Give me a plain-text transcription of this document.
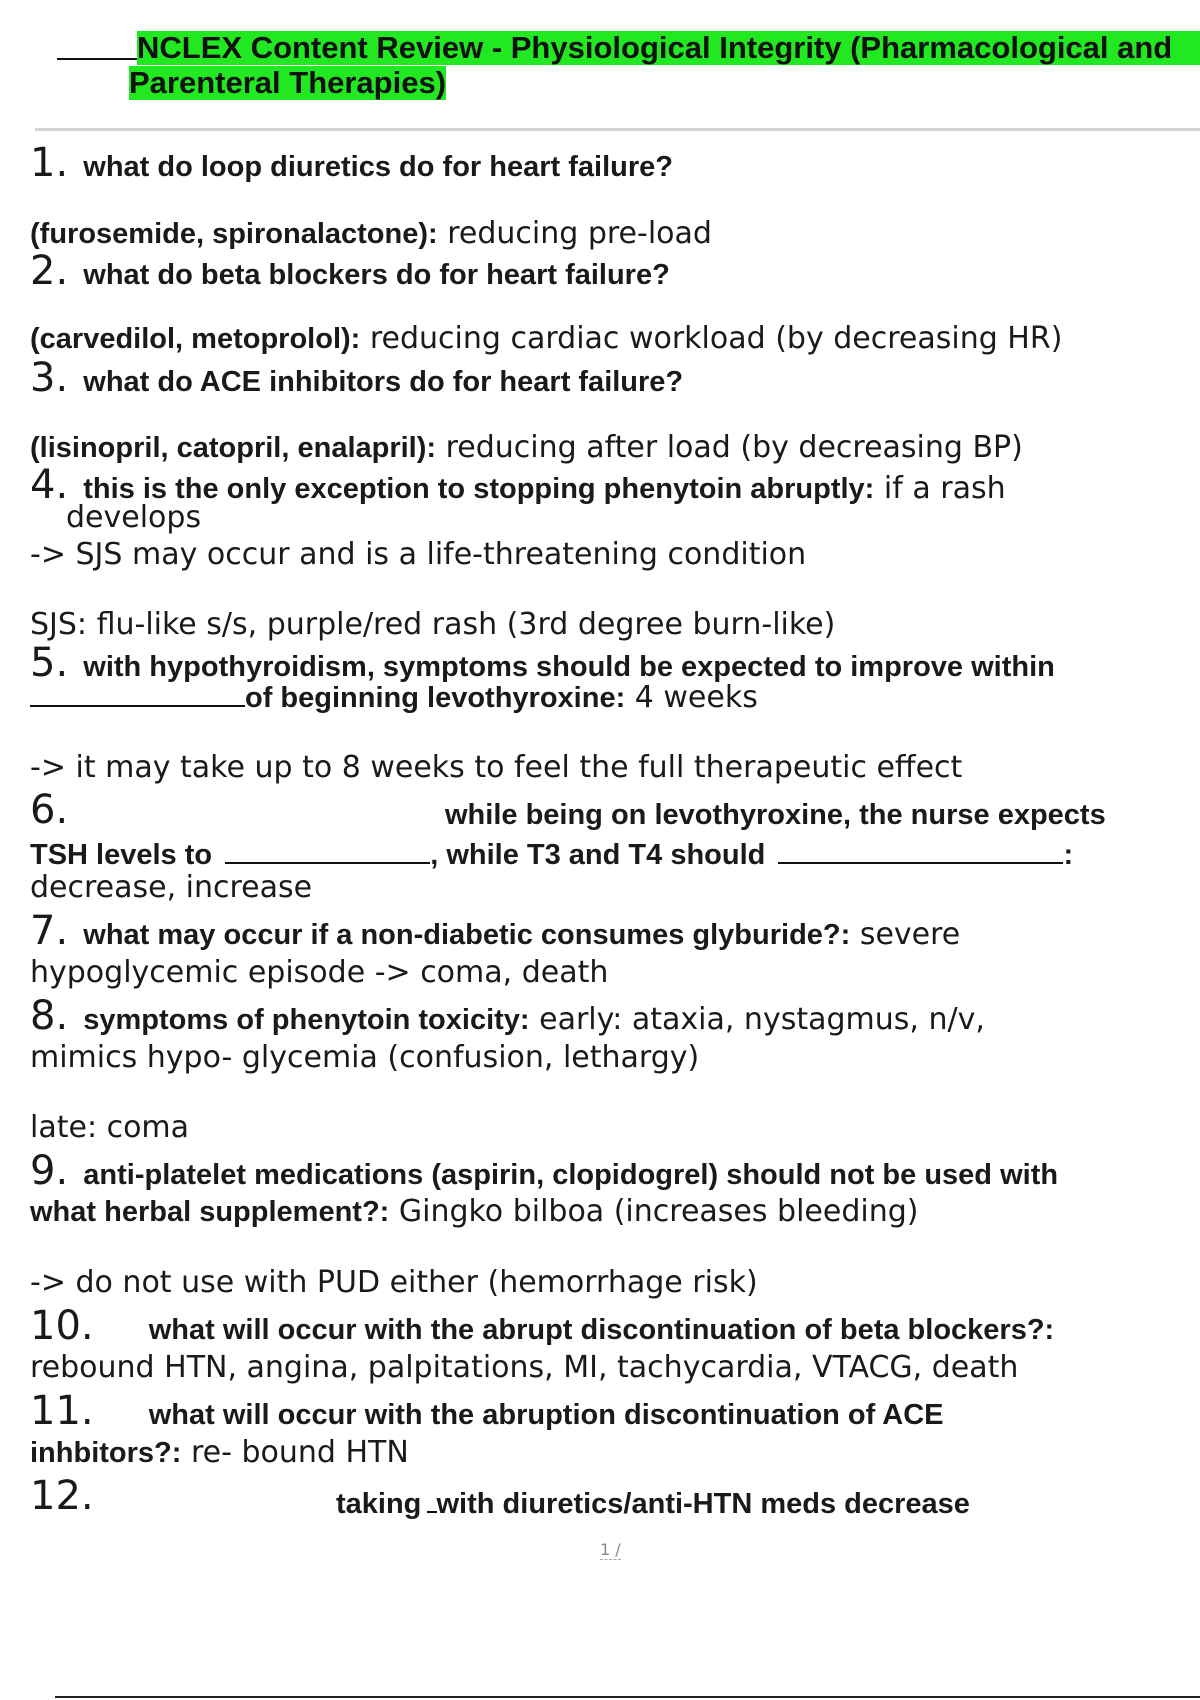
NCLEX Content Review - Physiological Integrity (Pharmacological and
Parenteral Therapies)
1. what do loop diuretics do for heart failure?
(furosemide, spironalactone): reducing pre-load
2. what do beta blockers do for heart failure?
(carvedilol, metoprolol): reducing cardiac workload (by decreasing HR)
3. what do ACE inhibitors do for heart failure?
(lisinopril, catopril, enalapril): reducing after load (by decreasing BP)
4. this is the only exception to stopping phenytoin abruptly: if a rash
develops
-> SJS may occur and is a life-threatening condition
SJS: flu-like s/s, purple/red rash (3rd degree burn-like)
5. with hypothyroidism, symptoms should be expected to improve within
of beginning levothyroxine: 4 weeks
-> it may take up to 8 weeks to feel the full therapeutic effect
6.	while being on levothyroxine, the nurse expects
TSH levels to	, while T3 and T4 should	:
decrease, increase
7. what may occur if a non-diabetic consumes glyburide?: severe
hypoglycemic episode -> coma, death
8. symptoms of phenytoin toxicity: early: ataxia, nystagmus, n/v,
mimics hypo- glycemia (confusion, lethargy)
late: coma
9. anti-platelet medications (aspirin, clopidogrel) should not be used with
what herbal supplement?: Gingko bilboa (increases bleeding)
-> do not use with PUD either (hemorrhage risk)
10. what will occur with the abrupt discontinuation of beta blockers?:
rebound HTN, angina, palpitations, MI, tachycardia, VTACG, death
11. what will occur with the abruption discontinuation of ACE
inhbitors?: re- bound HTN
12.	taking with diuretics/anti-HTN meds decrease
1 /
